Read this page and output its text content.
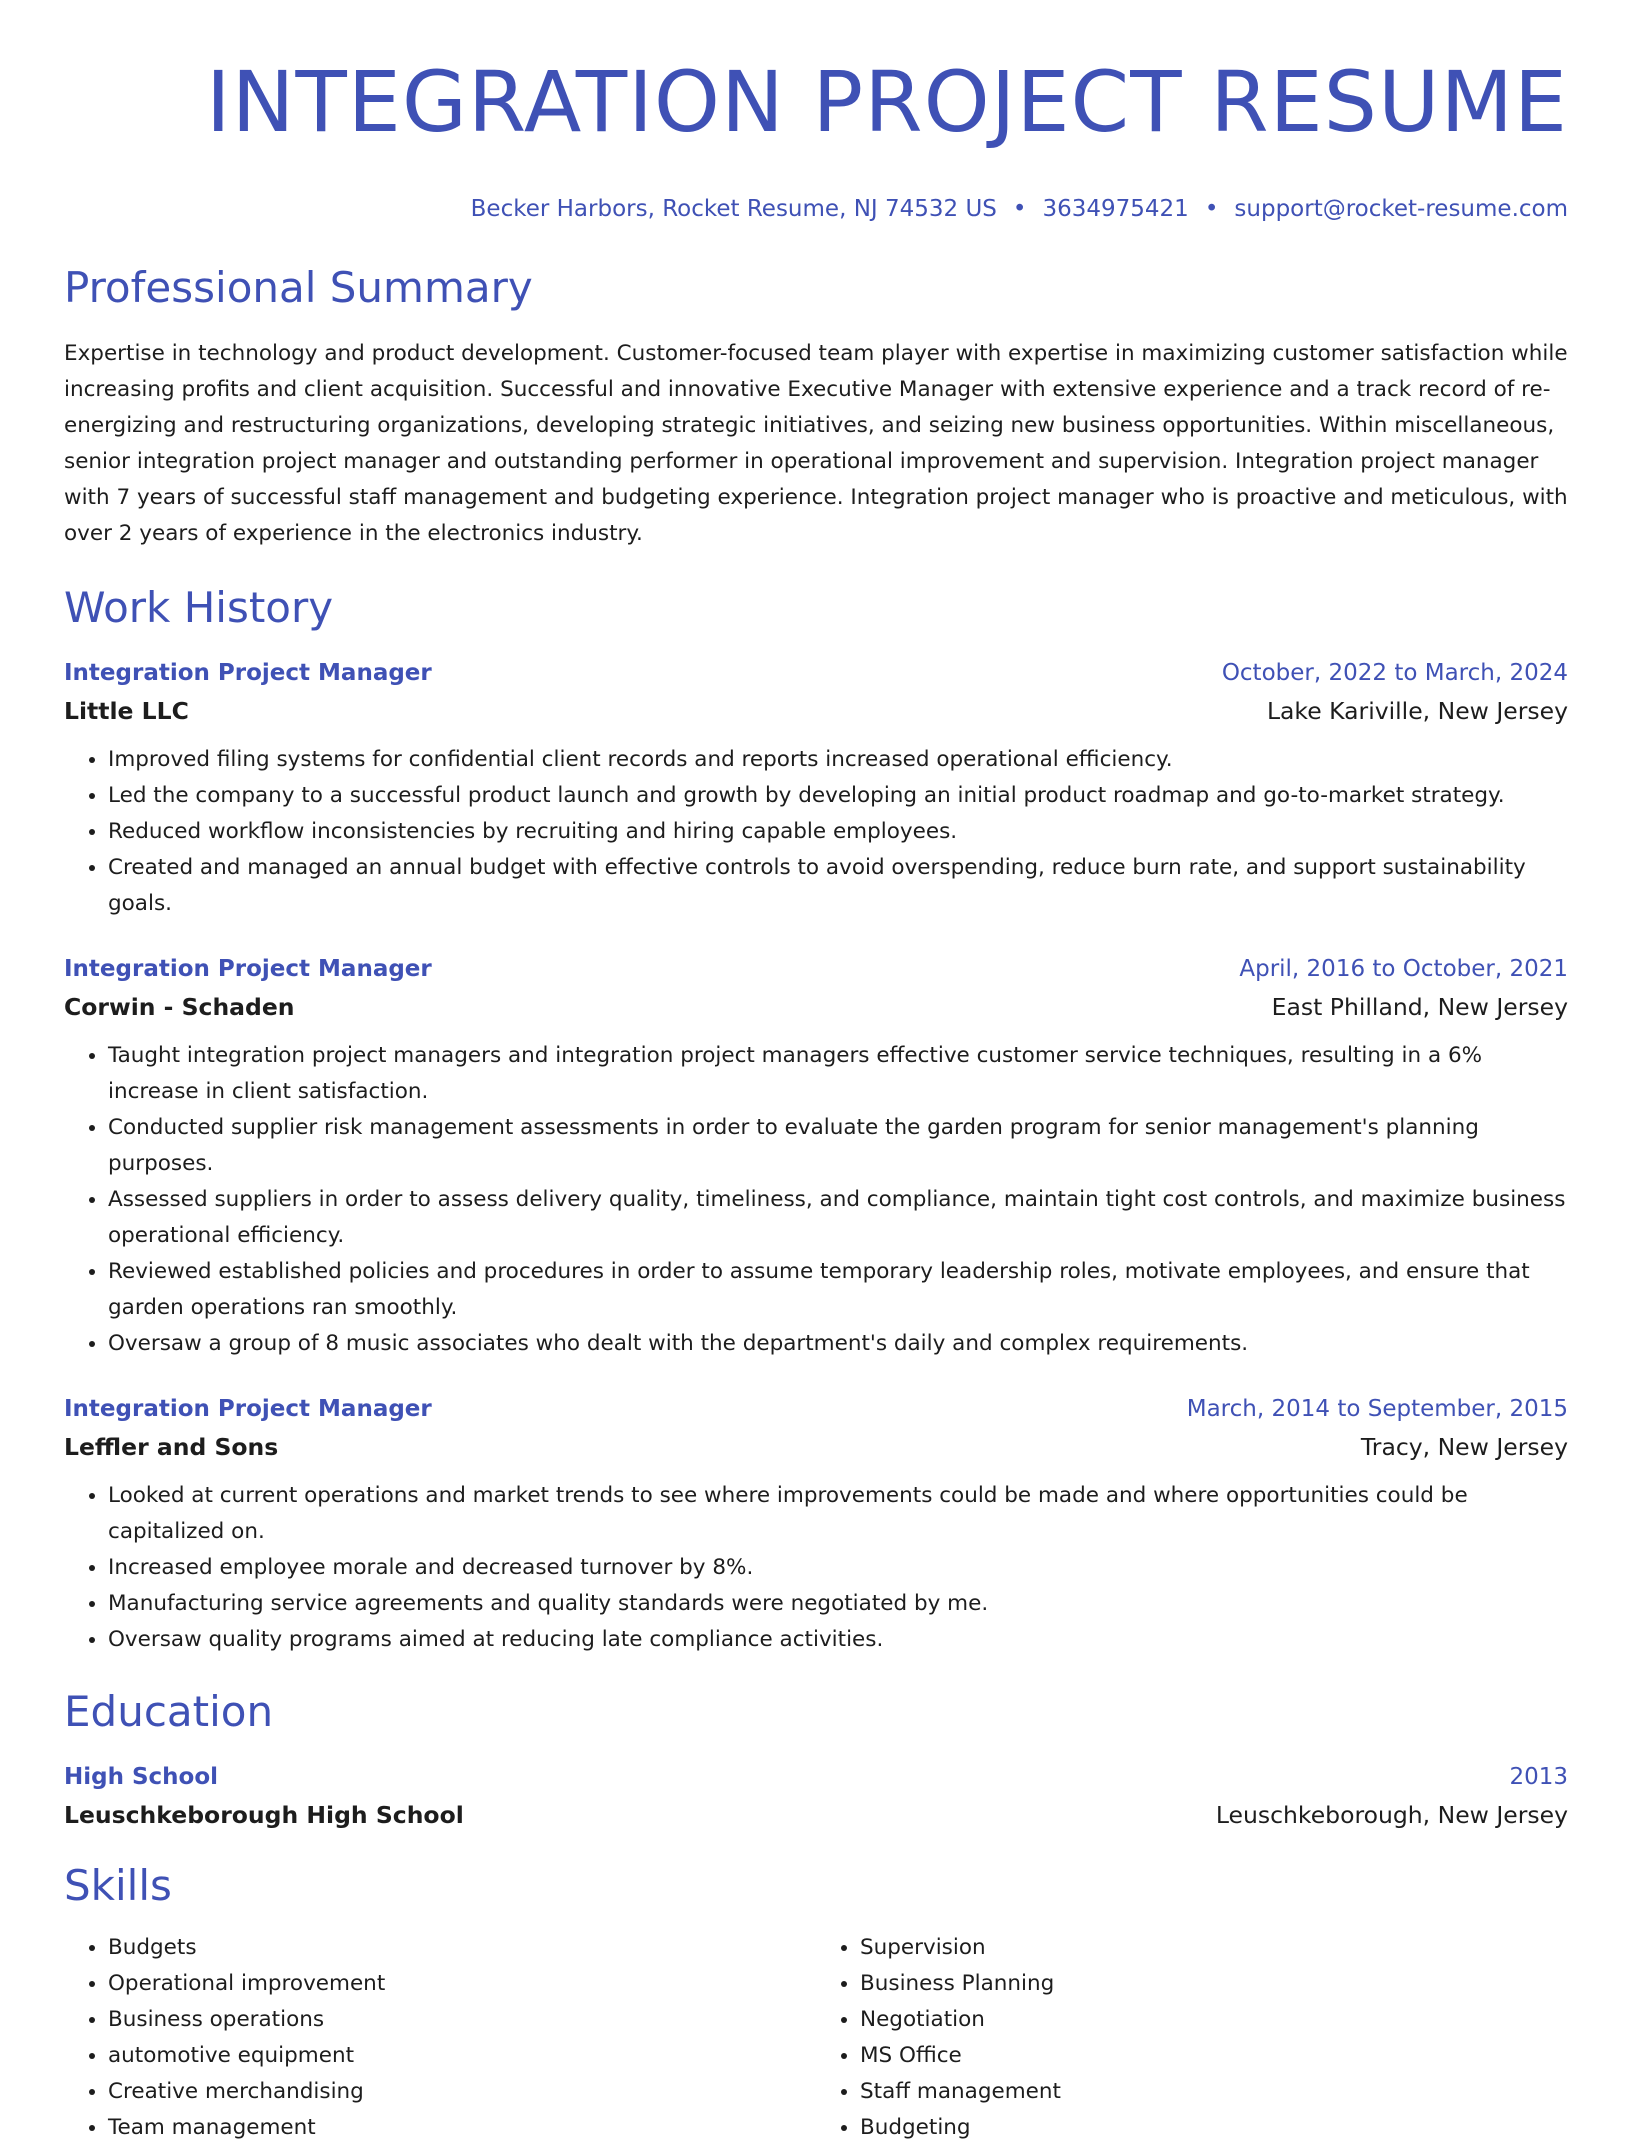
INTEGRATION PROJECT RESUME
Becker Harbors, Rocket Resume, NJ 74532 US • 3634975421 • support@rocket-resume.com
Professional Summary
Expertise in technology and product development. Customer-focused team player with expertise in maximizing customer satisfaction while increasing profits and client acquisition. Successful and innovative Executive Manager with extensive experience and a track record of re-energizing and restructuring organizations, developing strategic initiatives, and seizing new business opportunities. Within miscellaneous, senior integration project manager and outstanding performer in operational improvement and supervision. Integration project manager with 7 years of successful staff management and budgeting experience. Integration project manager who is proactive and meticulous, with over 2 years of experience in the electronics industry.
Work History
Integration Project Manager	October, 2022 to March, 2024
Little LLC	Lake Kariville, New Jersey
• Improved filing systems for confidential client records and reports increased operational efficiency.
• Led the company to a successful product launch and growth by developing an initial product roadmap and go-to-market strategy.
• Reduced workflow inconsistencies by recruiting and hiring capable employees.
• Created and managed an annual budget with effective controls to avoid overspending, reduce burn rate, and support sustainability goals.
Integration Project Manager	April, 2016 to October, 2021
Corwin - Schaden	East Philland, New Jersey
• Taught integration project managers and integration project managers effective customer service techniques, resulting in a 6% increase in client satisfaction.
• Conducted supplier risk management assessments in order to evaluate the garden program for senior management's planning purposes.
• Assessed suppliers in order to assess delivery quality, timeliness, and compliance, maintain tight cost controls, and maximize business operational efficiency.
• Reviewed established policies and procedures in order to assume temporary leadership roles, motivate employees, and ensure that garden operations ran smoothly.
• Oversaw a group of 8 music associates who dealt with the department's daily and complex requirements.
Integration Project Manager	March, 2014 to September, 2015
Leffler and Sons	Tracy, New Jersey
• Looked at current operations and market trends to see where improvements could be made and where opportunities could be capitalized on.
• Increased employee morale and decreased turnover by 8%.
• Manufacturing service agreements and quality standards were negotiated by me.
• Oversaw quality programs aimed at reducing late compliance activities.
Education
High School	2013
Leuschkeborough High School	Leuschkeborough, New Jersey
Skills
• Budgets
• Operational improvement
• Business operations
• automotive equipment
• Creative merchandising
• Team management
• Supervision
• Business Planning
• Negotiation
• MS Office
• Staff management
• Budgeting
